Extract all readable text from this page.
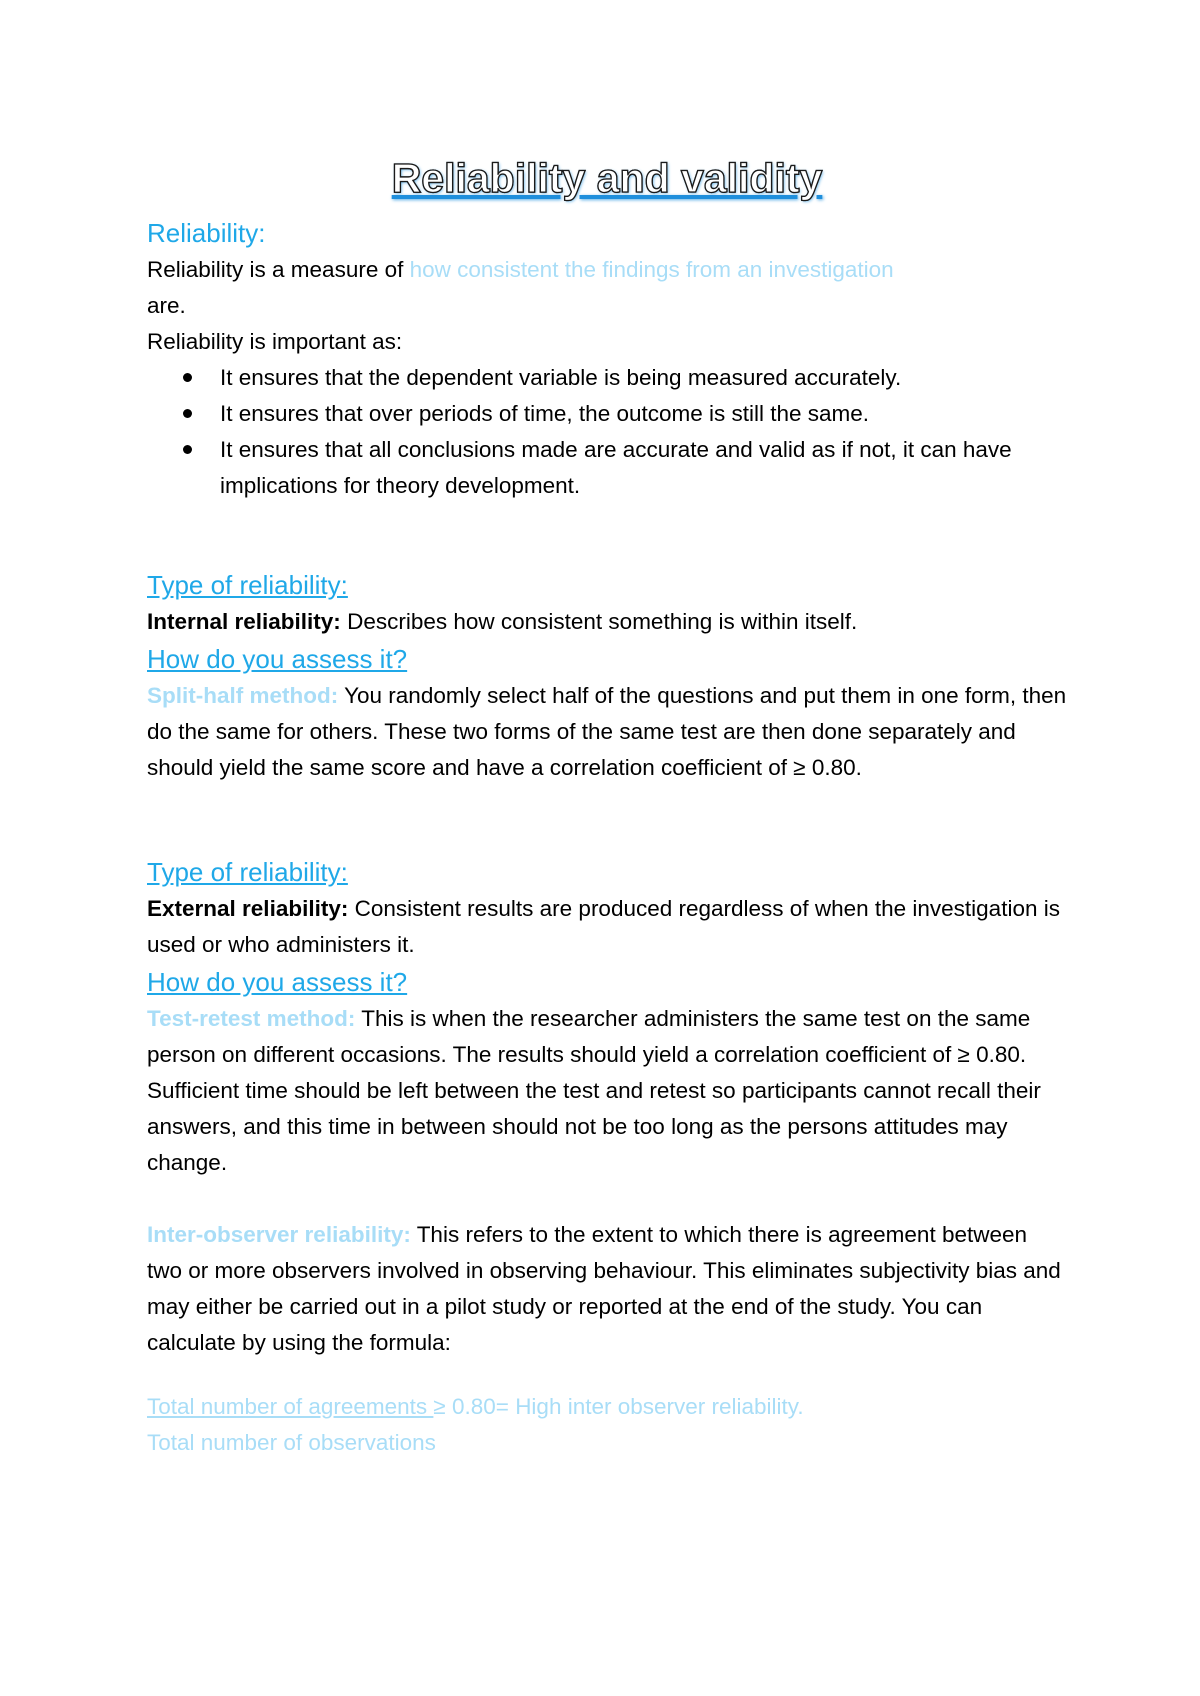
Reliability and validity
Reliability:
Reliability is a measure of how consistent the findings from an investigation
are.
Reliability is important as:
It ensures that the dependent variable is being measured accurately.
It ensures that over periods of time, the outcome is still the same.
It ensures that all conclusions made are accurate and valid as if not, it can have implications for theory development.
Type of reliability:
Internal reliability: Describes how consistent something is within itself.
How do you assess it?
Split-half method: You randomly select half of the questions and put them in one form, then do the same for others. These two forms of the same test are then done separately and should yield the same score and have a correlation coefficient of ≥ 0.80.
Type of reliability:
External reliability: Consistent results are produced regardless of when the investigation is used or who administers it.
How do you assess it?
Test-retest method: This is when the researcher administers the same test on the same person on different occasions. The results should yield a correlation coefficient of ≥ 0.80. Sufficient time should be left between the test and retest so participants cannot recall their answers, and this time in between should not be too long as the persons attitudes may change.
Inter-observer reliability: This refers to the extent to which there is agreement between two or more observers involved in observing behaviour. This eliminates subjectivity bias and may either be carried out in a pilot study or reported at the end of the study. You can calculate by using the formula:
Total number of agreements ≥ 0.80= High inter observer reliability.
Total number of observations
